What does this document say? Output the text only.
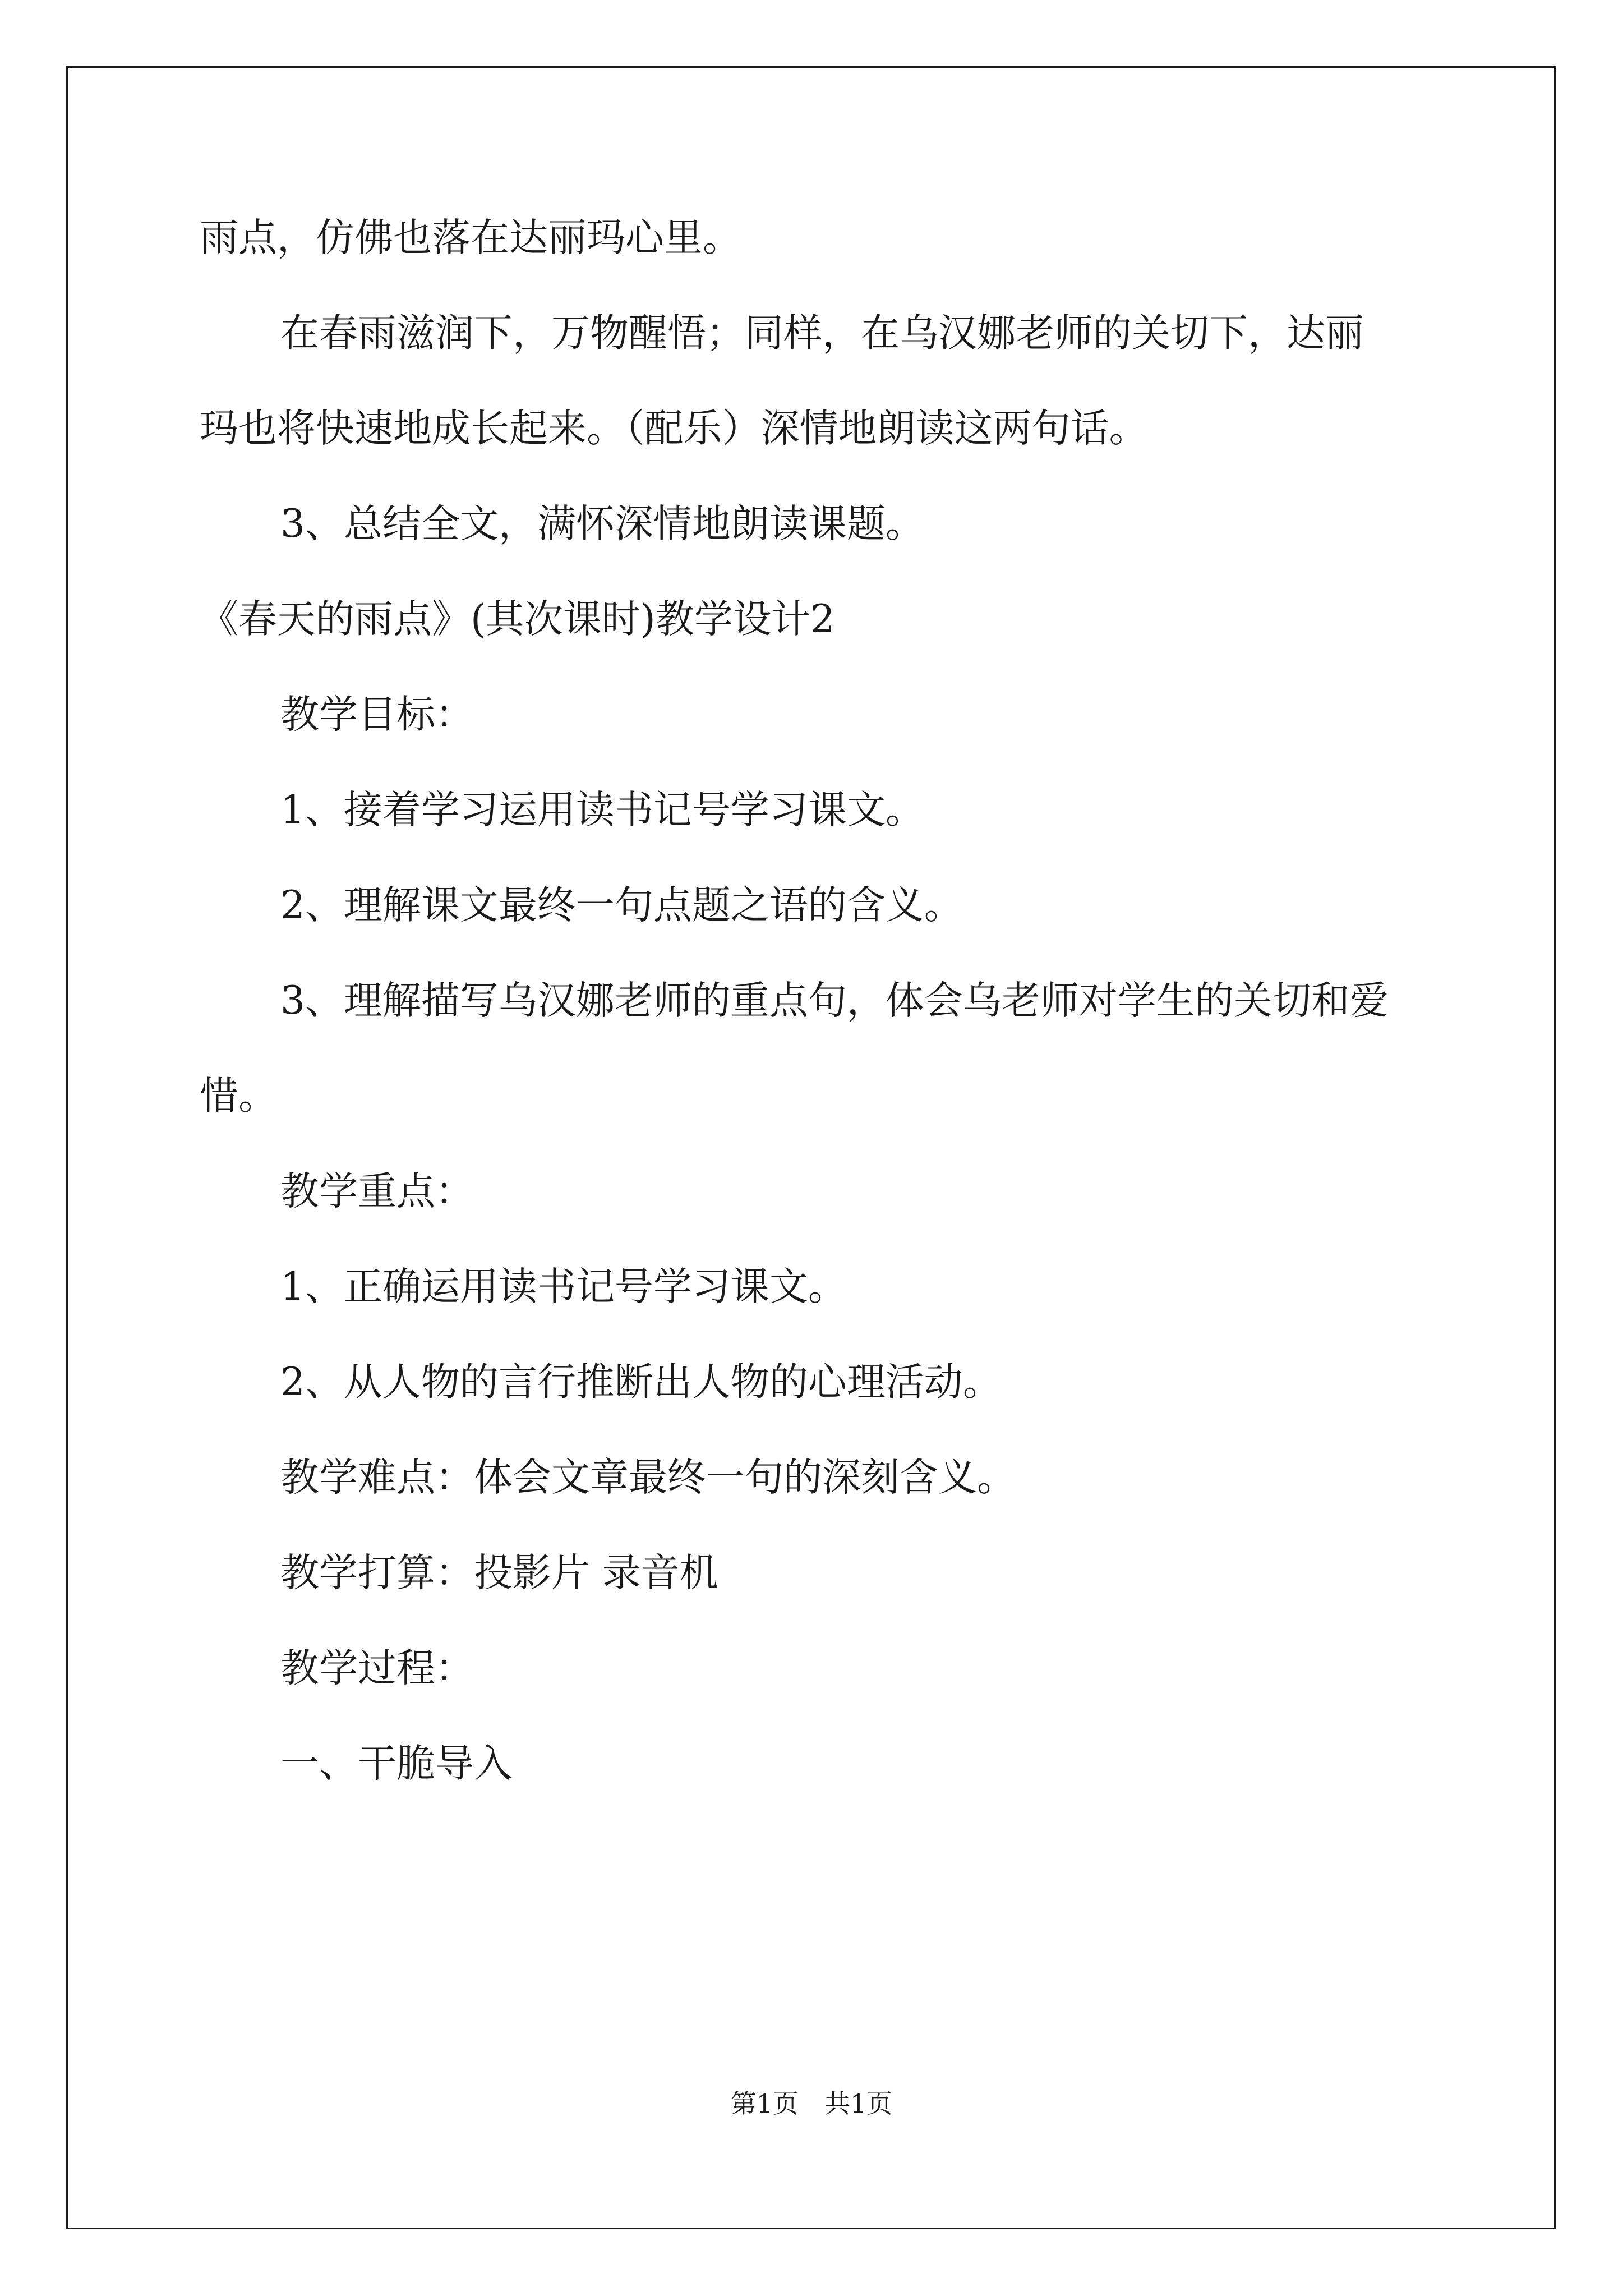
雨点，仿佛也落在达丽玛心里。

在春雨滋润下，万物醒悟；同样，在乌汉娜老师的关切下，达丽

玛也将快速地成长起来。（配乐）深情地朗读这两句话。

3、总结全文，满怀深情地朗读课题。

《春天的雨点》(其次课时)教学设计2

教学目标：

1、接着学习运用读书记号学习课文。

2、理解课文最终一句点题之语的含义。

3、理解描写乌汉娜老师的重点句，体会乌老师对学生的关切和爱

惜。

教学重点：

1、正确运用读书记号学习课文。

2、从人物的言行推断出人物的心理活动。

教学难点：体会文章最终一句的深刻含义。

教学打算：投影片 录音机

教学过程：

一、干脆导入

第1页 共1页
